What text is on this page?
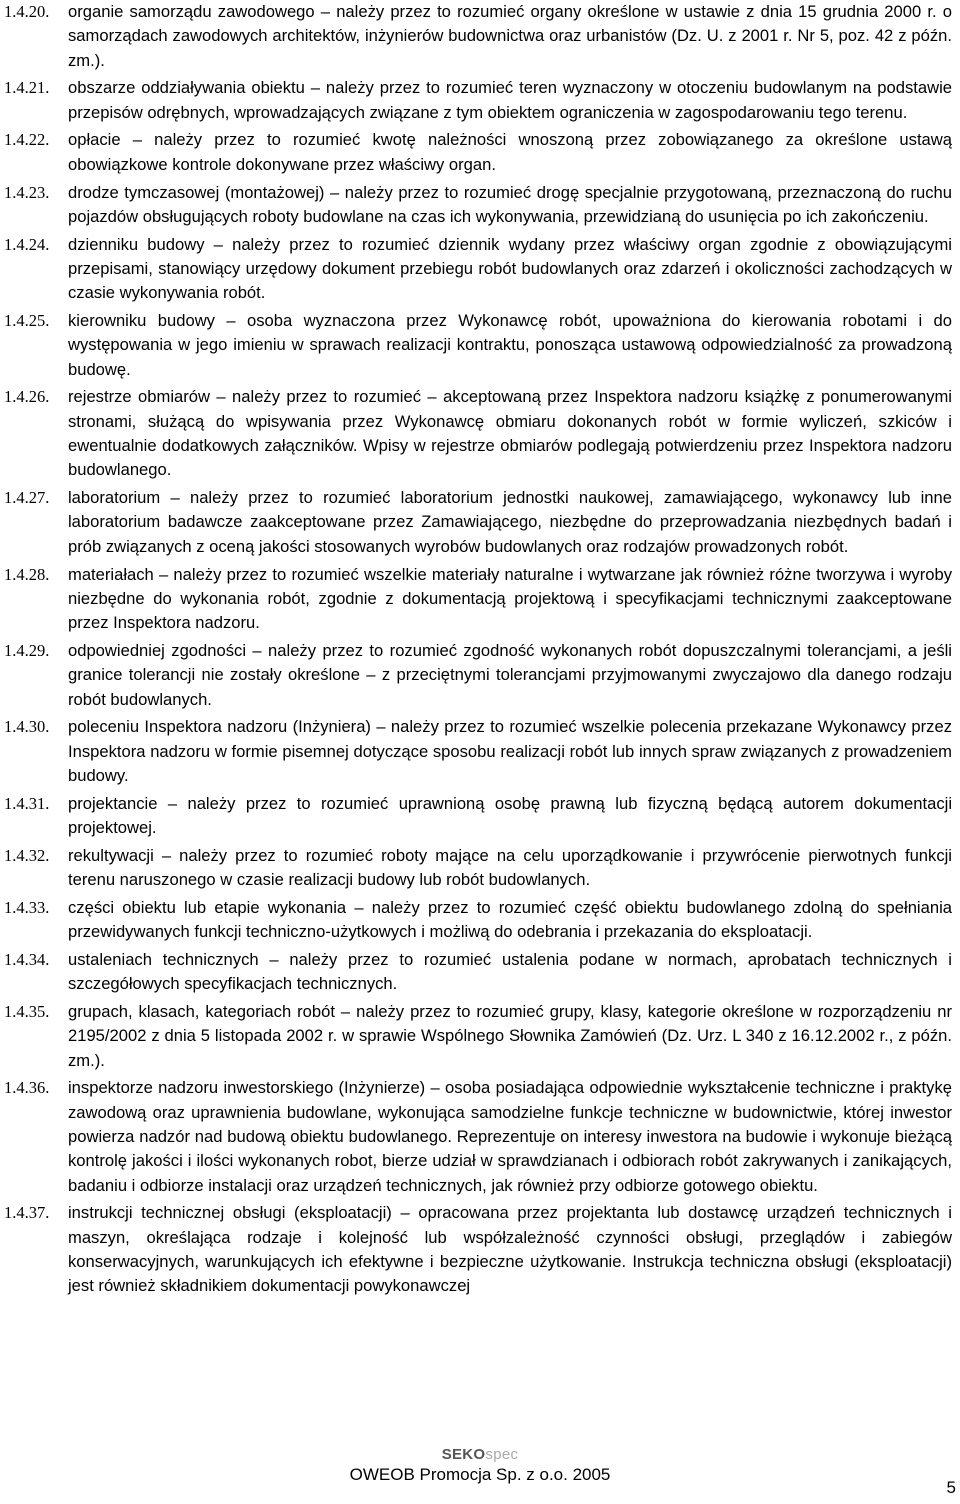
1.4.20.	organie samorządu zawodowego – należy przez to rozumieć organy określone w ustawie z dnia 15 grudnia 2000 r. o samorządach zawodowych architektów, inżynierów budownictwa oraz urbanistów (Dz. U. z 2001 r. Nr 5, poz. 42 z późn. zm.).
1.4.21.	obszarze oddziaływania obiektu – należy przez to rozumieć teren wyznaczony w otoczeniu budowlanym na podstawie przepisów odrębnych, wprowadzających związane z tym obiektem ograniczenia w zagospodarowaniu tego terenu.
1.4.22.	opłacie – należy przez to rozumieć kwotę należności wnoszoną przez zobowiązanego za określone ustawą obowiązkowe kontrole dokonywane przez właściwy organ.
1.4.23.	drodze tymczasowej (montażowej) – należy przez to rozumieć drogę specjalnie przygotowaną, przeznaczoną do ruchu pojazdów obsługujących roboty budowlane na czas ich wykonywania, przewidzianą do usunięcia po ich zakończeniu.
1.4.24.	dzienniku budowy – należy przez to rozumieć dziennik wydany przez właściwy organ zgodnie z obowiązującymi przepisami, stanowiący urzędowy dokument przebiegu robót budowlanych oraz zdarzeń i okoliczności zachodzących w czasie wykonywania robót.
1.4.25.	kierowniku budowy – osoba wyznaczona przez Wykonawcę robót, upoważniona do kierowania robotami i do występowania w jego imieniu w sprawach realizacji kontraktu, ponosząca ustawową odpowiedzialność za prowadzoną budowę.
1.4.26.	rejestrze obmiarów – należy przez to rozumieć – akceptowaną przez Inspektora nadzoru książkę z ponumerowanymi stronami, służącą do wpisywania przez Wykonawcę obmiaru dokonanych robót w formie wyliczeń, szkiców i ewentualnie dodatkowych załączników. Wpisy w rejestrze obmiarów podlegają potwierdzeniu przez Inspektora nadzoru budowlanego.
1.4.27.	laboratorium – należy przez to rozumieć laboratorium jednostki naukowej, zamawiającego, wykonawcy lub inne laboratorium badawcze zaakceptowane przez Zamawiającego, niezbędne do przeprowadzania niezbędnych badań i prób związanych z oceną jakości stosowanych wyrobów budowlanych oraz rodzajów prowadzonych robót.
1.4.28.	materiałach – należy przez to rozumieć wszelkie materiały naturalne i wytwarzane jak również różne tworzywa i wyroby niezbędne do wykonania robót, zgodnie z dokumentacją projektową i specyfikacjami technicznymi zaakceptowane przez Inspektora nadzoru.
1.4.29.	odpowiedniej zgodności – należy przez to rozumieć zgodność wykonanych robót dopuszczalnymi tolerancjami, a jeśli granice tolerancji nie zostały określone – z przeciętnymi tolerancjami przyjmowanymi zwyczajowo dla danego rodzaju robót budowlanych.
1.4.30.	poleceniu Inspektora nadzoru (Inżyniera) – należy przez to rozumieć wszelkie polecenia przekazane Wykonawcy przez Inspektora nadzoru w formie pisemnej dotyczące sposobu realizacji robót lub innych spraw związanych z prowadzeniem budowy.
1.4.31.	projektancie – należy przez to rozumieć uprawnioną osobę prawną lub fizyczną będącą autorem dokumentacji projektowej.
1.4.32.	rekultywacji – należy przez to rozumieć roboty mające na celu uporządkowanie i przywrócenie pierwotnych funkcji terenu naruszonego w czasie realizacji budowy lub robót budowlanych.
1.4.33.	części obiektu lub etapie wykonania – należy przez to rozumieć część obiektu budowlanego zdolną do spełniania przewidywanych funkcji techniczno-użytkowych i możliwą do odebrania i przekazania do eksploatacji.
1.4.34.	ustaleniach technicznych – należy przez to rozumieć ustalenia podane w normach, aprobatach technicznych i szczegółowych specyfikacjach technicznych.
1.4.35.	grupach, klasach, kategoriach robót – należy przez to rozumieć grupy, klasy, kategorie określone w rozporządzeniu nr 2195/2002 z dnia 5 listopada 2002 r. w sprawie Wspólnego Słownika Zamówień (Dz. Urz. L 340 z 16.12.2002 r., z późn. zm.).
1.4.36.	inspektorze nadzoru inwestorskiego (Inżynierze) – osoba posiadająca odpowiednie wykształcenie techniczne i praktykę zawodową oraz uprawnienia budowlane, wykonująca samodzielne funkcje techniczne w budownictwie, której inwestor powierza nadzór nad budową obiektu budowlanego. Reprezentuje on interesy inwestora na budowie i wykonuje bieżącą kontrolę jakości i ilości wykonanych robot, bierze udział w sprawdzianach i odbiorach robót zakrywanych i zanikających, badaniu i odbiorze instalacji oraz urządzeń technicznych, jak również przy odbiorze gotowego obiektu.
1.4.37.	instrukcji technicznej obsługi (eksploatacji) – opracowana przez projektanta lub dostawcę urządzeń technicznych i maszyn, określająca rodzaje i kolejność lub współzależność czynności obsługi, przeglądów i zabiegów konserwacyjnych, warunkujących ich efektywne i bezpieczne użytkowanie. Instrukcja techniczna obsługi (eksploatacji) jest również składnikiem dokumentacji powykonawczej
SEKOspec
OWEOB Promocja Sp. z o.o. 2005
5
